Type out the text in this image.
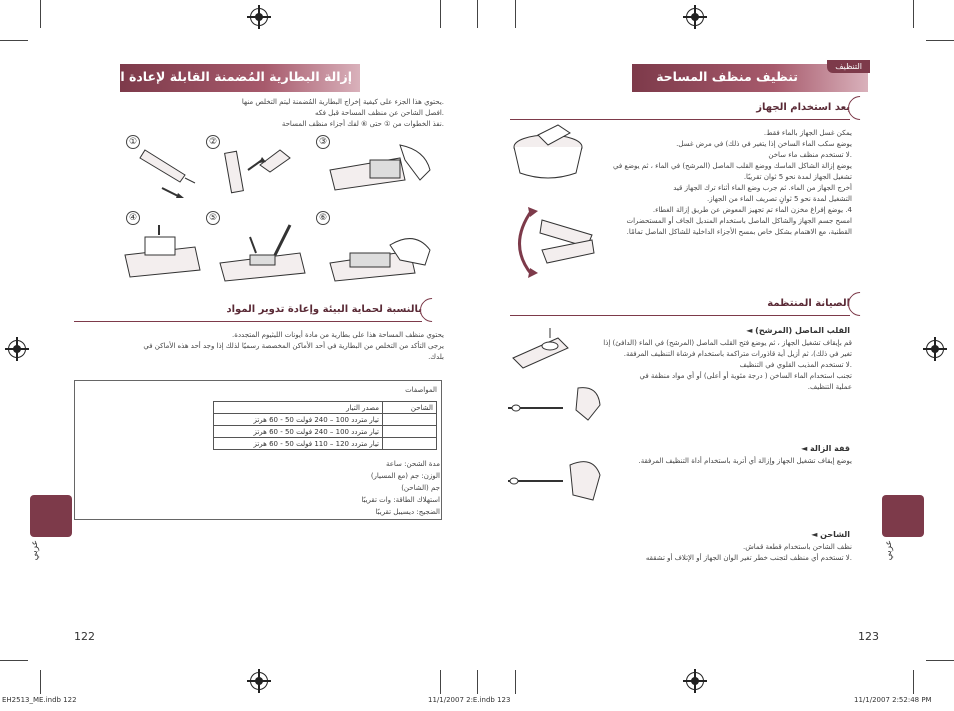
إزالة البطارية المُضمنة القابلة لإعادة الشحن
.يحتوي هذا الجزء على كيفية إخراج البطارية المُضمنة ليتم التخلص منها
.افصل الشاحن عن منظف المساحة قبل فكه
.نفذ الخطوات من ① حتى ⑥ لفك أجزاء منظف المساحة
①	②	③
④	⑤	⑥
بالنسبة لحماية البيئة وإعادة تدوير المواد
يحتوي منظف المساحة هذا على بطارية من مادة أيونات الليثيوم المتجددة.
يرجى التأكد من التخلص من البطارية في أحد الأماكن المخصصة رسميًا لذلك إذا وجد أحد هذه الأماكن في
بلدك.
المواصفات
الشاحن	مصدر التيار
	تيار متردد 100 – 240 فولت 50 - 60 هرتز
	تيار متردد 100 – 240 فولت 50 - 60 هرتز
	تيار متردد 120 – 110 فولت 50 - 60 هرتز
مدة الشحن: ساعة
الوزن: جم (مع المسيار)
جم (الشاحن)
استهلاك الطاقة: وات تقريبًا
الضجيج: ديسيبل تقريبًا
عربي
122
التنظيف
تنظيف منظف المساحة
بعد استخدام الجهاز
يمكن غسل الجهاز بالماء فقط.
يوضع سكب الماء الساخن إذا يتغير في ذلك) في مرض غسل.
.لا تستخدم منظف ماء ساخن
يوضع إزالة الشاكل الماسك ووضع القلب الماصل (المرشح) في الماء ، ثم يوضع في
تشغيل الجهاز لمدة نحو 5 ثوان تقريبًا.
أخرج الجهاز من الماء. ثم جرب وضع الماء أثناء ترك الجهاز قيد
التشغيل لمدة نحو 5 ثوانٍ تصريف الماء من الجهاز.
4. يوضع إفراغ مخزن الماء تم تجهيز المعوض عن طريق إزالة الغطاء.
امسح جسم الجهاز والشاكل الماصل باستخدام المنديل الجاف أو المستحضرات
القطنية، مع الاهتمام بشكل خاص بمسح الأجزاء الداخلية للشاكل الماصل تمامًا.
الصيانة المنتظمة
القلب الماصل (المرشح) ◄
قم بإيقاف تشغيل الجهاز ، ثم يوضع فتح القلب الماصل (المرشح) في الماء (الدافئ) إذا
تغير في ذلك)، ثم أزيل أية قاذورات متراكمة باستخدام فرشاة التنظيف المرفقة.
.لا تستخدم المذيب القلوي في التنظيف
تجنب استخدام الماء الساخن ( درجة مئوية أو أعلى) أو أي مواد منظفة في
عملية التنظيف.
قفة الزالة ◄
يوضع إيقاف تشغيل الجهاز وإزالة أي أتربة باستخدام أداة التنظيف المرفقة.
الشاحن ◄
نظف الشاحن باستخدام قطعة قماش.
.لا تستخدم أي منظف لتجنب خطر تغير الوان الجهاز أو الإتلاف أو تشققه	عربي
123
EH2513_ME.indb 122	11/1/2007 2:E.indb 123	11/1/2007 2:52:48 PM
